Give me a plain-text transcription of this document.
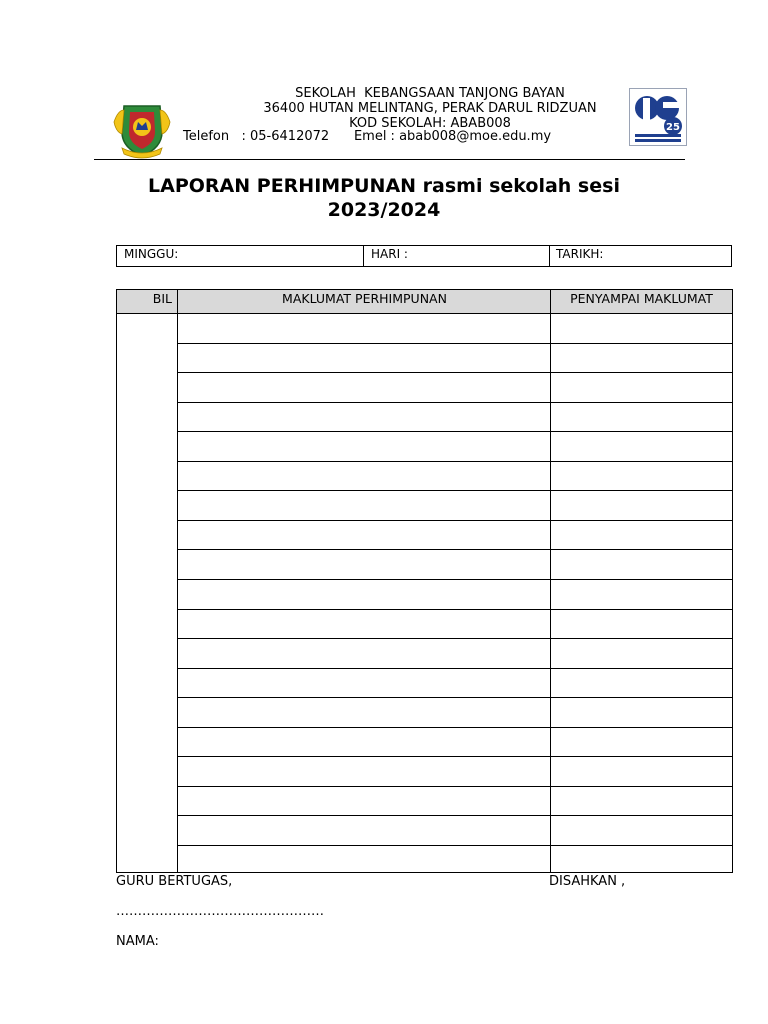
SEKOLAH  KEBANGSAAN TANJONG BAYAN
36400 HUTAN MELINTANG, PERAK DARUL RIDZUAN
KOD SEKOLAH: ABAB008
Telefon   : 05-6412072      Emel : abab008@moe.edu.my
25
LAPORAN PERHIMPUNAN rasmi sekolah sesi
2023/2024
MINGGU:	HARI :	TARIKH:
BIL	MAKLUMAT PERHIMPUNAN	PENYAMPAI MAKLUMAT
GURU BERTUGAS,	DISAHKAN ,
…………………………………………
NAMA:
